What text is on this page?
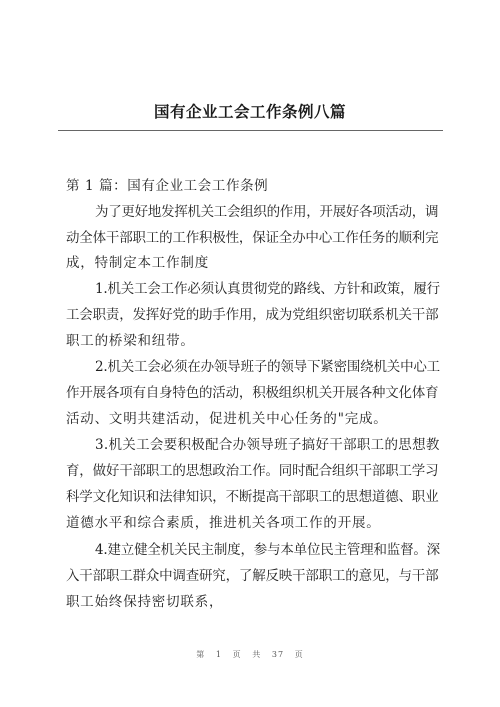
国有企业工会工作条例八篇
第 1 篇：国有企业工会工作条例
为了更好地发挥机关工会组织的作用，开展好各项活动，调
动全体干部职工的工作积极性，保证全办中心工作任务的顺利完
成，特制定本工作制度
1.机关工会工作必须认真贯彻党的路线、方针和政策，履行
工会职责，发挥好党的助手作用，成为党组织密切联系机关干部
职工的桥梁和纽带。
2.机关工会必须在办领导班子的领导下紧密围绕机关中心工
作开展各项有自身特色的活动，积极组织机关开展各种文化体育
活动、文明共建活动，促进机关中心任务的"完成。
3.机关工会要积极配合办领导班子搞好干部职工的思想教
育，做好干部职工的思想政治工作。同时配合组织干部职工学习
科学文化知识和法律知识，不断提高干部职工的思想道德、职业
道德水平和综合素质，推进机关各项工作的开展。
4.建立健全机关民主制度，参与本单位民主管理和监督。深
入干部职工群众中调查研究，了解反映干部职工的意见，与干部
职工始终保持密切联系，
第   1   页   共   37   页
